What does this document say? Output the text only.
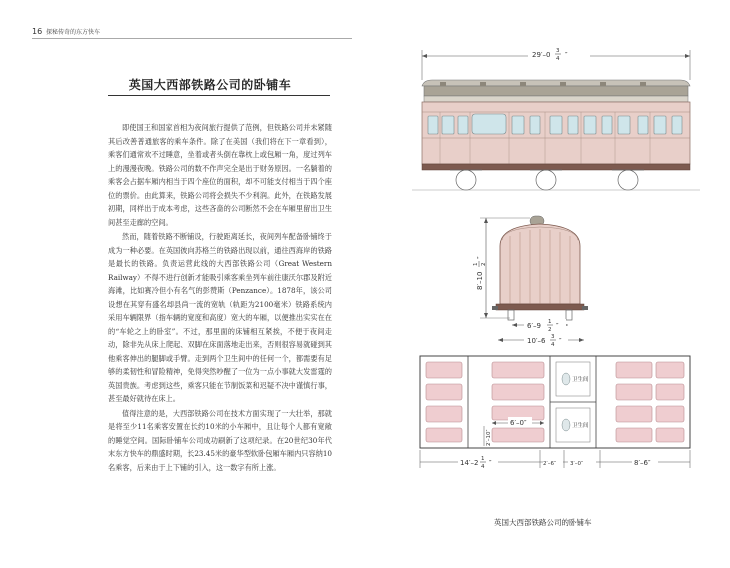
16 探秘传奇的东方快车
英国大西部铁路公司的卧铺车

即使国王和国家首相为夜间旅行提供了范例，但铁路公司并未紧随其后改善普通旅客的乘车条件。除了在美国（我们将在下一章看到），乘客们通常欢不过睡意，坐着或者头倒在靠枕上或包厢一角，度过列车上的漫漫夜晚。铁路公司的数不作声完全是出于财务原因。一名躺着的乘客会占据车厢内相当于四个座位的面积，却不可能支付相当于四个座位的票价。由此算来，铁路公司将会损失不少利润。此外，在铁路发展初期，同样出于成本考虑，这些吝啬的公司断然不会在车厢里留出卫生间甚至走廊的空间。

然而，随着铁路不断铺设，行驶距离延长，夜间列车配备卧铺终于成为一种必要。在英国彼向苏格兰的铁路出现以前，通往西海岸的铁路是最长的铁路。负责运营此线的大西部铁路公司（Great Western Railway）不得不进行创新才能吸引乘客乘坐列车前往康沃尔郡及附近海滩，比如赛冷但小有名气的彭赞斯（Penzance）。1878年，该公司设想在其穿有盛名却县尚一流的宽轨（轨距为2100毫米）铁路系统内采用车辆限界（指车辆的宽度和高度）宽大的车厢，以便推出实实在在的“车轮之上的卧室”。不过，那里面的床铺相互紧挨，不便于夜间走动，除非先从床上爬起、双脚在床面落地走出来，否则很容易就碰到其他乘客伸出的腿脚或手臂。走到两个卫生间中的任何一个，都需要有足够的柔韧性和冒险精神，免得突然吵醒了一位为一点小事就大发雷霆的英国贵族。考虑到这些，乘客只能在节制饭菜和迟疑不决中谨慎行事，甚至最好就待在床上。

值得注意的是，大西部铁路公司在技术方面实现了一大壮举，那就是将至少11名乘客安置在长约10米的小车厢中，且让每个人都有宽敞的睡觉空间。国际卧铺车公司成功刷新了这项纪录。在20世纪30年代末东方快车的鼎盛时期，长23.45米的豪华型软卧包厢车厢内只容纳10名乘客，后来由于上下铺的引入，这一数字有所上涨。

29′–0 3
4 ″
8′–10
1 2
″
6′–9 1
2 ″
10′–6 3
4 ″
卫生间
卫生间
6′–0″
2′–10″
14′–2 1
4 ″	2′–6″	3′–0″	8′–6″
英国大西部铁路公司的卧铺车
